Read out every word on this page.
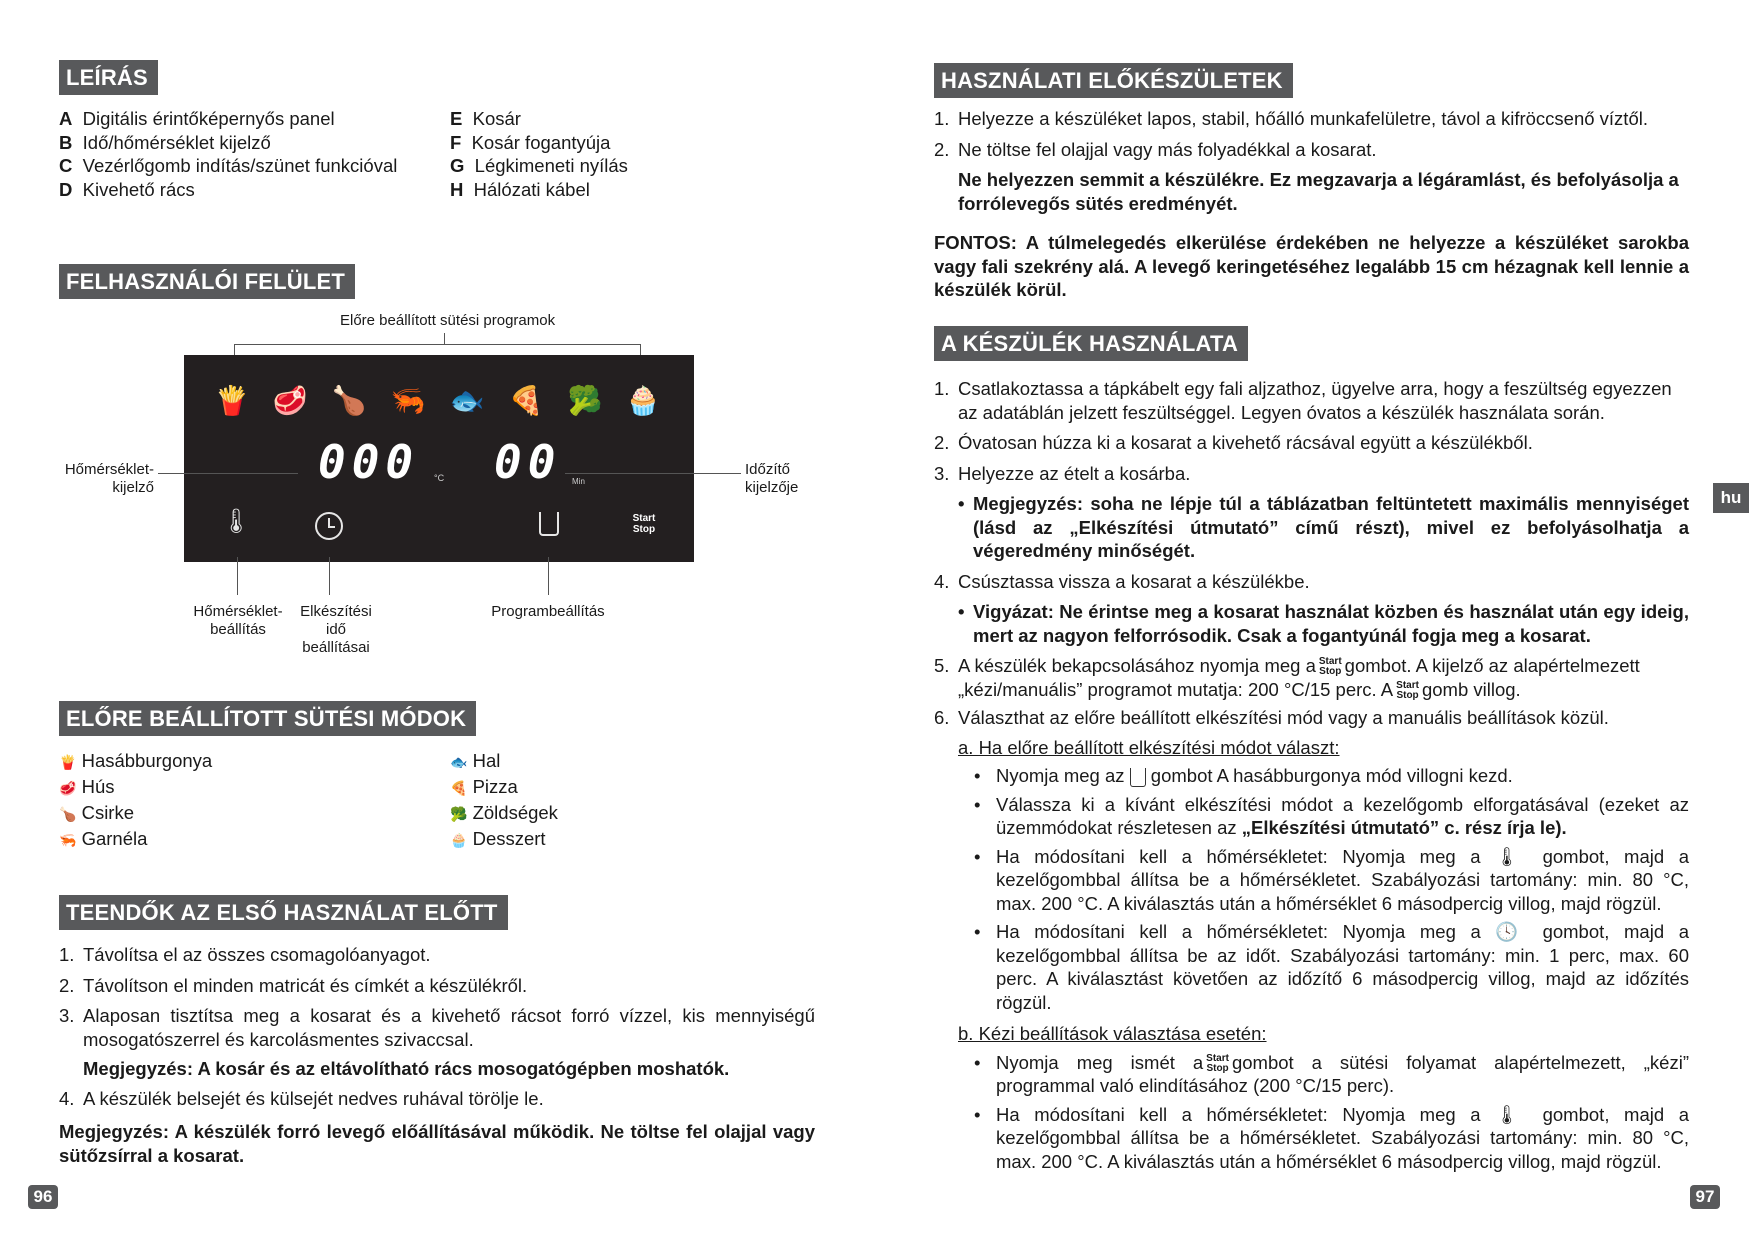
LEÍRÁS
A Digitális érintőképernyős panel
B Idő/hőmérséklet kijelző
C Vezérlőgomb indítás/szünet funkcióval
D Kivehető rács
E Kosár
F Kosár fogantyúja
G Légkimeneti nyílás
H Hálózati kábel
FELHASZNÁLÓI FELÜLET
Előre beállított sütési programok
🍟 🥩 🍗 🦐 🐟 🍕 🥦 🧁
000 °C 00 Min
🌡	Start
Stop
Hőmérséklet-
kijelző
Időzítő
kijelzője
Hőmérséklet-
beállítás
Elkészítési
idő
beállításai
Programbeállítás
ELŐRE BEÁLLÍTOTT SÜTÉSI MÓDOK
🍟 Hasábburgonya
🥩 Hús
🍗 Csirke
🦐 Garnéla
🐟 Hal
🍕 Pizza
🥦 Zöldségek
🧁 Desszert
TEENDŐK AZ ELSŐ HASZNÁLAT ELŐTT
1. Távolítsa el az összes csomagolóanyagot.
2. Távolítson el minden matricát és címkét a készülékről.
3. Alaposan tisztítsa meg a kosarat és a kivehető rácsot forró vízzel, kis mennyiségű mosogatószerrel és karcolásmentes szivaccsal.
Megjegyzés: A kosár és az eltávolítható rács mosogatógépben moshatók.
4. A készülék belsejét és külsejét nedves ruhával törölje le.
Megjegyzés: A készülék forró levegő előállításával működik. Ne töltse fel olajjal vagy sütőzsírral a kosarat.
96
HASZNÁLATI ELŐKÉSZÜLETEK
1. Helyezze a készüléket lapos, stabil, hőálló munkafelületre, távol a kifröccsenő víztől.
2. Ne töltse fel olajjal vagy más folyadékkal a kosarat.
Ne helyezzen semmit a készülékre. Ez megzavarja a légáramlást, és befolyásolja a forrólevegős sütés eredményét.
FONTOS: A túlmelegedés elkerülése érdekében ne helyezze a készüléket sarokba vagy fali szekrény alá. A levegő keringetéséhez legalább 15 cm hézagnak kell lennie a készülék körül.
A KÉSZÜLÉK HASZNÁLATA
1. Csatlakoztassa a tápkábelt egy fali aljzathoz, ügyelve arra, hogy a feszültség egyezzen az adatáblán jelzett feszültséggel. Legyen óvatos a készülék használata során.
2. Óvatosan húzza ki a kosarat a kivehető rácsával együtt a készülékből.
3. Helyezze az ételt a kosárba.
• Megjegyzés: soha ne lépje túl a táblázatban feltüntetett maximális mennyiséget (lásd az „Elkészítési útmutató” című részt), mivel ez befolyásolhatja a végeredmény minőségét.
4. Csúsztassa vissza a kosarat a készülékbe.
• Vigyázat: Ne érintse meg a kosarat használat közben és használat után egy ideig, mert az nagyon felforrósodik. Csak a fogantyúnál fogja meg a kosarat.
5. A készülék bekapcsolásához nyomja meg a Start
Stop gombot. A kijelző az alapértelmezett „kézi/manuális” programot mutatja: 200 °C/15 perc. A Start
Stop gomb villog.
6. Választhat az előre beállított elkészítési mód vagy a manuális beállítások közül.
a. Ha előre beállított elkészítési módot választ:
• Nyomja meg az gombot A hasábburgonya mód villogni kezd.
• Válassza ki a kívánt elkészítési módot a kezelőgomb elforgatásával (ezeket az üzemmódokat részletesen az „Elkészítési útmutató” c. rész írja le).
• Ha módosítani kell a hőmérsékletet: Nyomja meg a 🌡 gombot, majd a kezelőgombbal állítsa be a hőmérsékletet. Szabályozási tartomány: min. 80 °C, max. 200 °C. A kiválasztás után a hőmérséklet 6 másodpercig villog, majd rögzül.
• Ha módosítani kell a hőmérsékletet: Nyomja meg a 🕓 gombot, majd a kezelőgombbal állítsa be az időt. Szabályozási tartomány: min. 1 perc, max. 60 perc. A kiválasztást követően az időzítő 6 másodpercig villog, majd az időzítés rögzül.
b. Kézi beállítások választása esetén:
• Nyomja meg ismét a Start
Stop gombot a sütési folyamat alapértelmezett, „kézi” programmal való elindításához (200 °C/15 perc).
• Ha módosítani kell a hőmérsékletet: Nyomja meg a 🌡 gombot, majd a kezelőgombbal állítsa be a hőmérsékletet. Szabályozási tartomány: min. 80 °C, max. 200 °C. A kiválasztás után a hőmérséklet 6 másodpercig villog, majd rögzül.
hu
97
